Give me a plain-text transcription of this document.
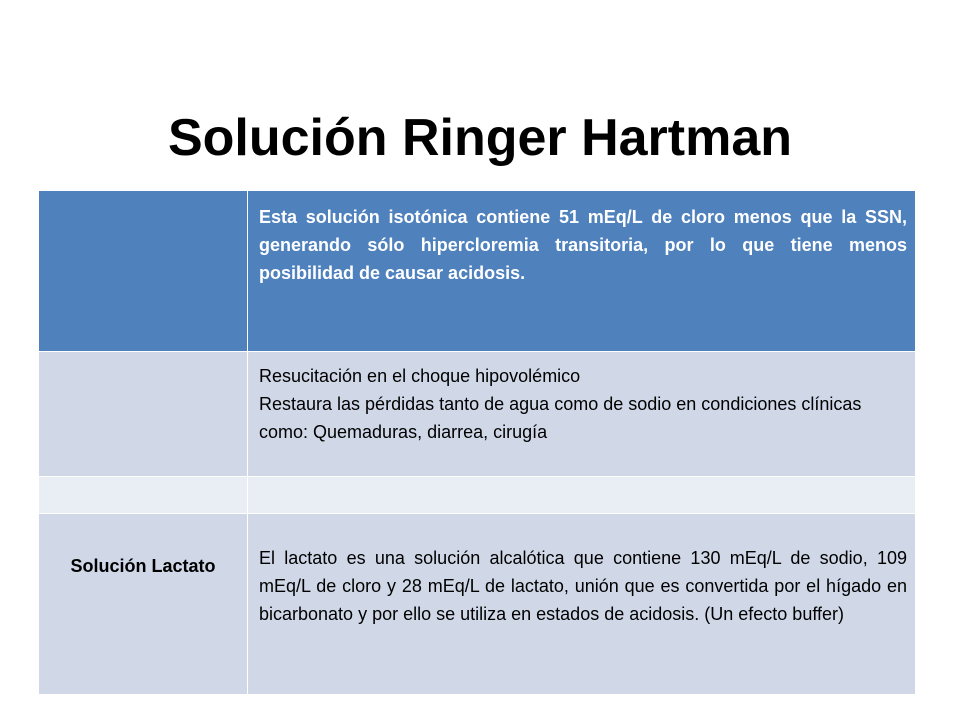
Solución Ringer Hartman

	Esta solución isotónica contiene 51 mEq/L de cloro menos que la SSN, generando sólo hipercloremia transitoria, por lo que tiene menos posibilidad de causar acidosis.

	Resucitación en el choque hipovolémico
Restaura las pérdidas tanto de agua como de sodio en condiciones clínicas como: Quemaduras, diarrea, cirugía

Solución Lactato	El lactato es una solución alcalótica que contiene 130 mEq/L de sodio, 109 mEq/L de cloro y 28 mEq/L de lactato, unión que es convertida por el hígado en bicarbonato y por ello se utiliza en estados de acidosis. (Un efecto buffer)
